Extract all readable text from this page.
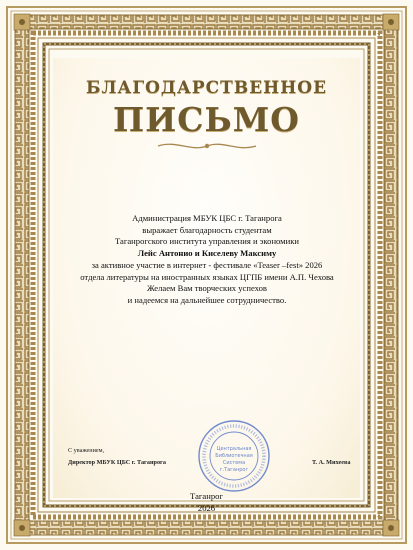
БЛАГОДАРСТВЕННОЕ
ПИСЬМО
Администрация МБУК ЦБС г. Таганрога
выражает благодарность студентам
Таганрогского института управления и экономики
Лейс Антонио и Киселеву Максиму
за активное участие в интернет - фестивале «Teaser –fest» 2026
отдела литературы на иностранных языках ЦГПБ имени А.П. Чехова
Желаем Вам творческих успехов
и надеемся на дальнейшее сотрудничество.
С уважением,
Директор МБУК ЦБС г. Таганрога	Т. А. Михеева
Центральная
Библиотечная
Система
г.Таганрог
Таганрог
2026
